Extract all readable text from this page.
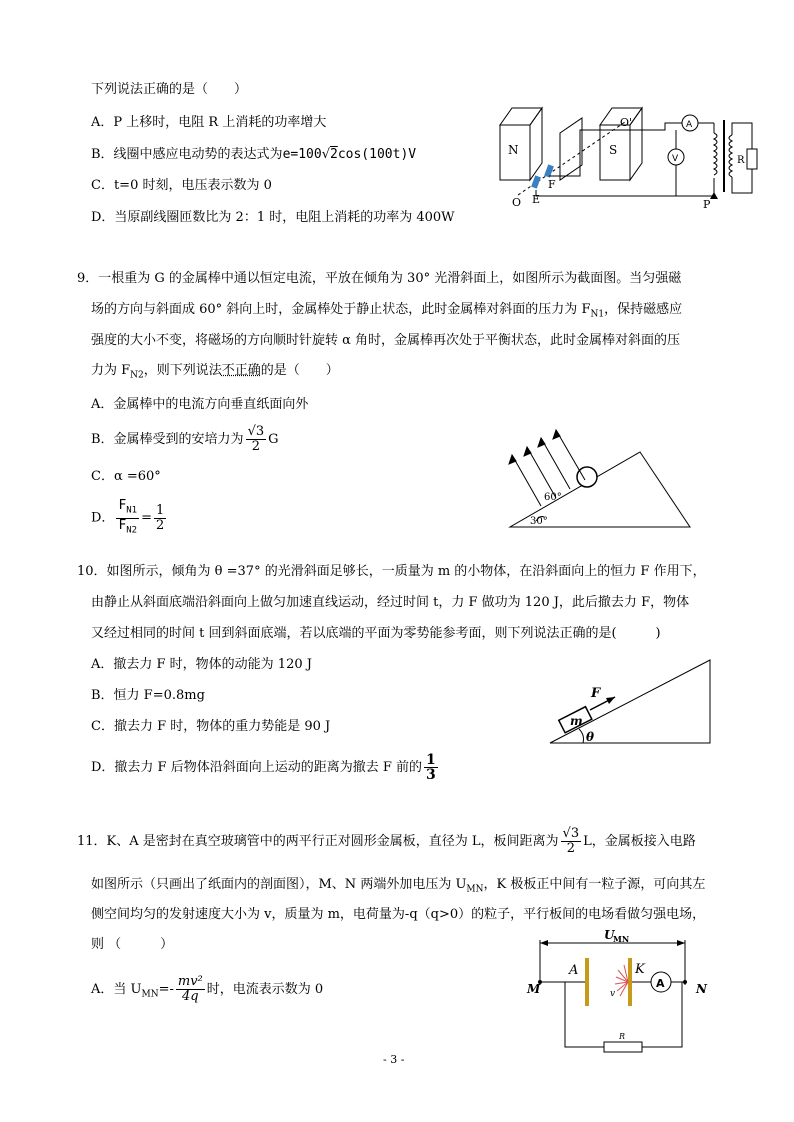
下列说法正确的是（　　）
A．P 上移时，电阻 R 上消耗的功率增大
B．线圈中感应电动势的表达式为e=100√2cos(100t)V
C．t=0 时刻，电压表示数为 0
D．当原副线圈匝数比为 2：1 时，电阻上消耗的功率为 400W
N	S
O
O'
E
F
A
V	R
P
9．一根重为 G 的金属棒中通以恒定电流，平放在倾角为 30° 光滑斜面上，如图所示为截面图。当匀强磁
场的方向与斜面成 60° 斜向上时，金属棒处于静止状态，此时金属棒对斜面的压力为 $F_{N1}$，保持磁感应
强度的大小不变，将磁场的方向顺时针旋转 α 角时，金属棒再次处于平衡状态，此时金属棒对斜面的压
力为 $F_{N2}$，则下列说法不正确的是（　　）
A．金属棒中的电流方向垂直纸面向外
B．金属棒受到的安培力为 $\frac{√3}{2}$ G
C．α =60°
D． $\frac{F_{N1}}{F_{N2}} = \frac{1}{2}$
60°
30°
10．如图所示，倾角为 θ =37° 的光滑斜面足够长，一质量为 m 的小物体，在沿斜面向上的恒力 F 作用下，
由静止从斜面底端沿斜面向上做匀加速直线运动，经过时间 t，力 F 做功为 120 J，此后撤去力 F，物体
又经过相同的时间 t 回到斜面底端，若以底端的平面为零势能参考面，则下列说法正确的是(　　　)
A．撤去力 F 时，物体的动能为 120 J
B．恒力 F=0.8mg
C．撤去力 F 时，物体的重力势能是 90 J
D．撤去力 F 后物体沿斜面向上运动的距离为撤去 F 前的 $\frac{1}{3}$
F
m
θ
11．K、A 是密封在真空玻璃管中的两平行正对圆形金属板，直径为 L，板间距离为 $\frac{√3}{2}$ L，金属板接入电路
如图所示（只画出了纸面内的剖面图），M、N 两端外加电压为 $U_{MN}$，K 极板正中间有一粒子源，可向其左
侧空间均匀的发射速度大小为 v，质量为 m，电荷量为-q（q>0）的粒子，平行板间的电场看做匀强电场，
则 （　　　）
A．当 $U_{MN}=- \frac{\text{mv²}}{4q}$ 时，电流表示数为 0
U
MN
M	N
A	K
v
A
R
- 3 -
